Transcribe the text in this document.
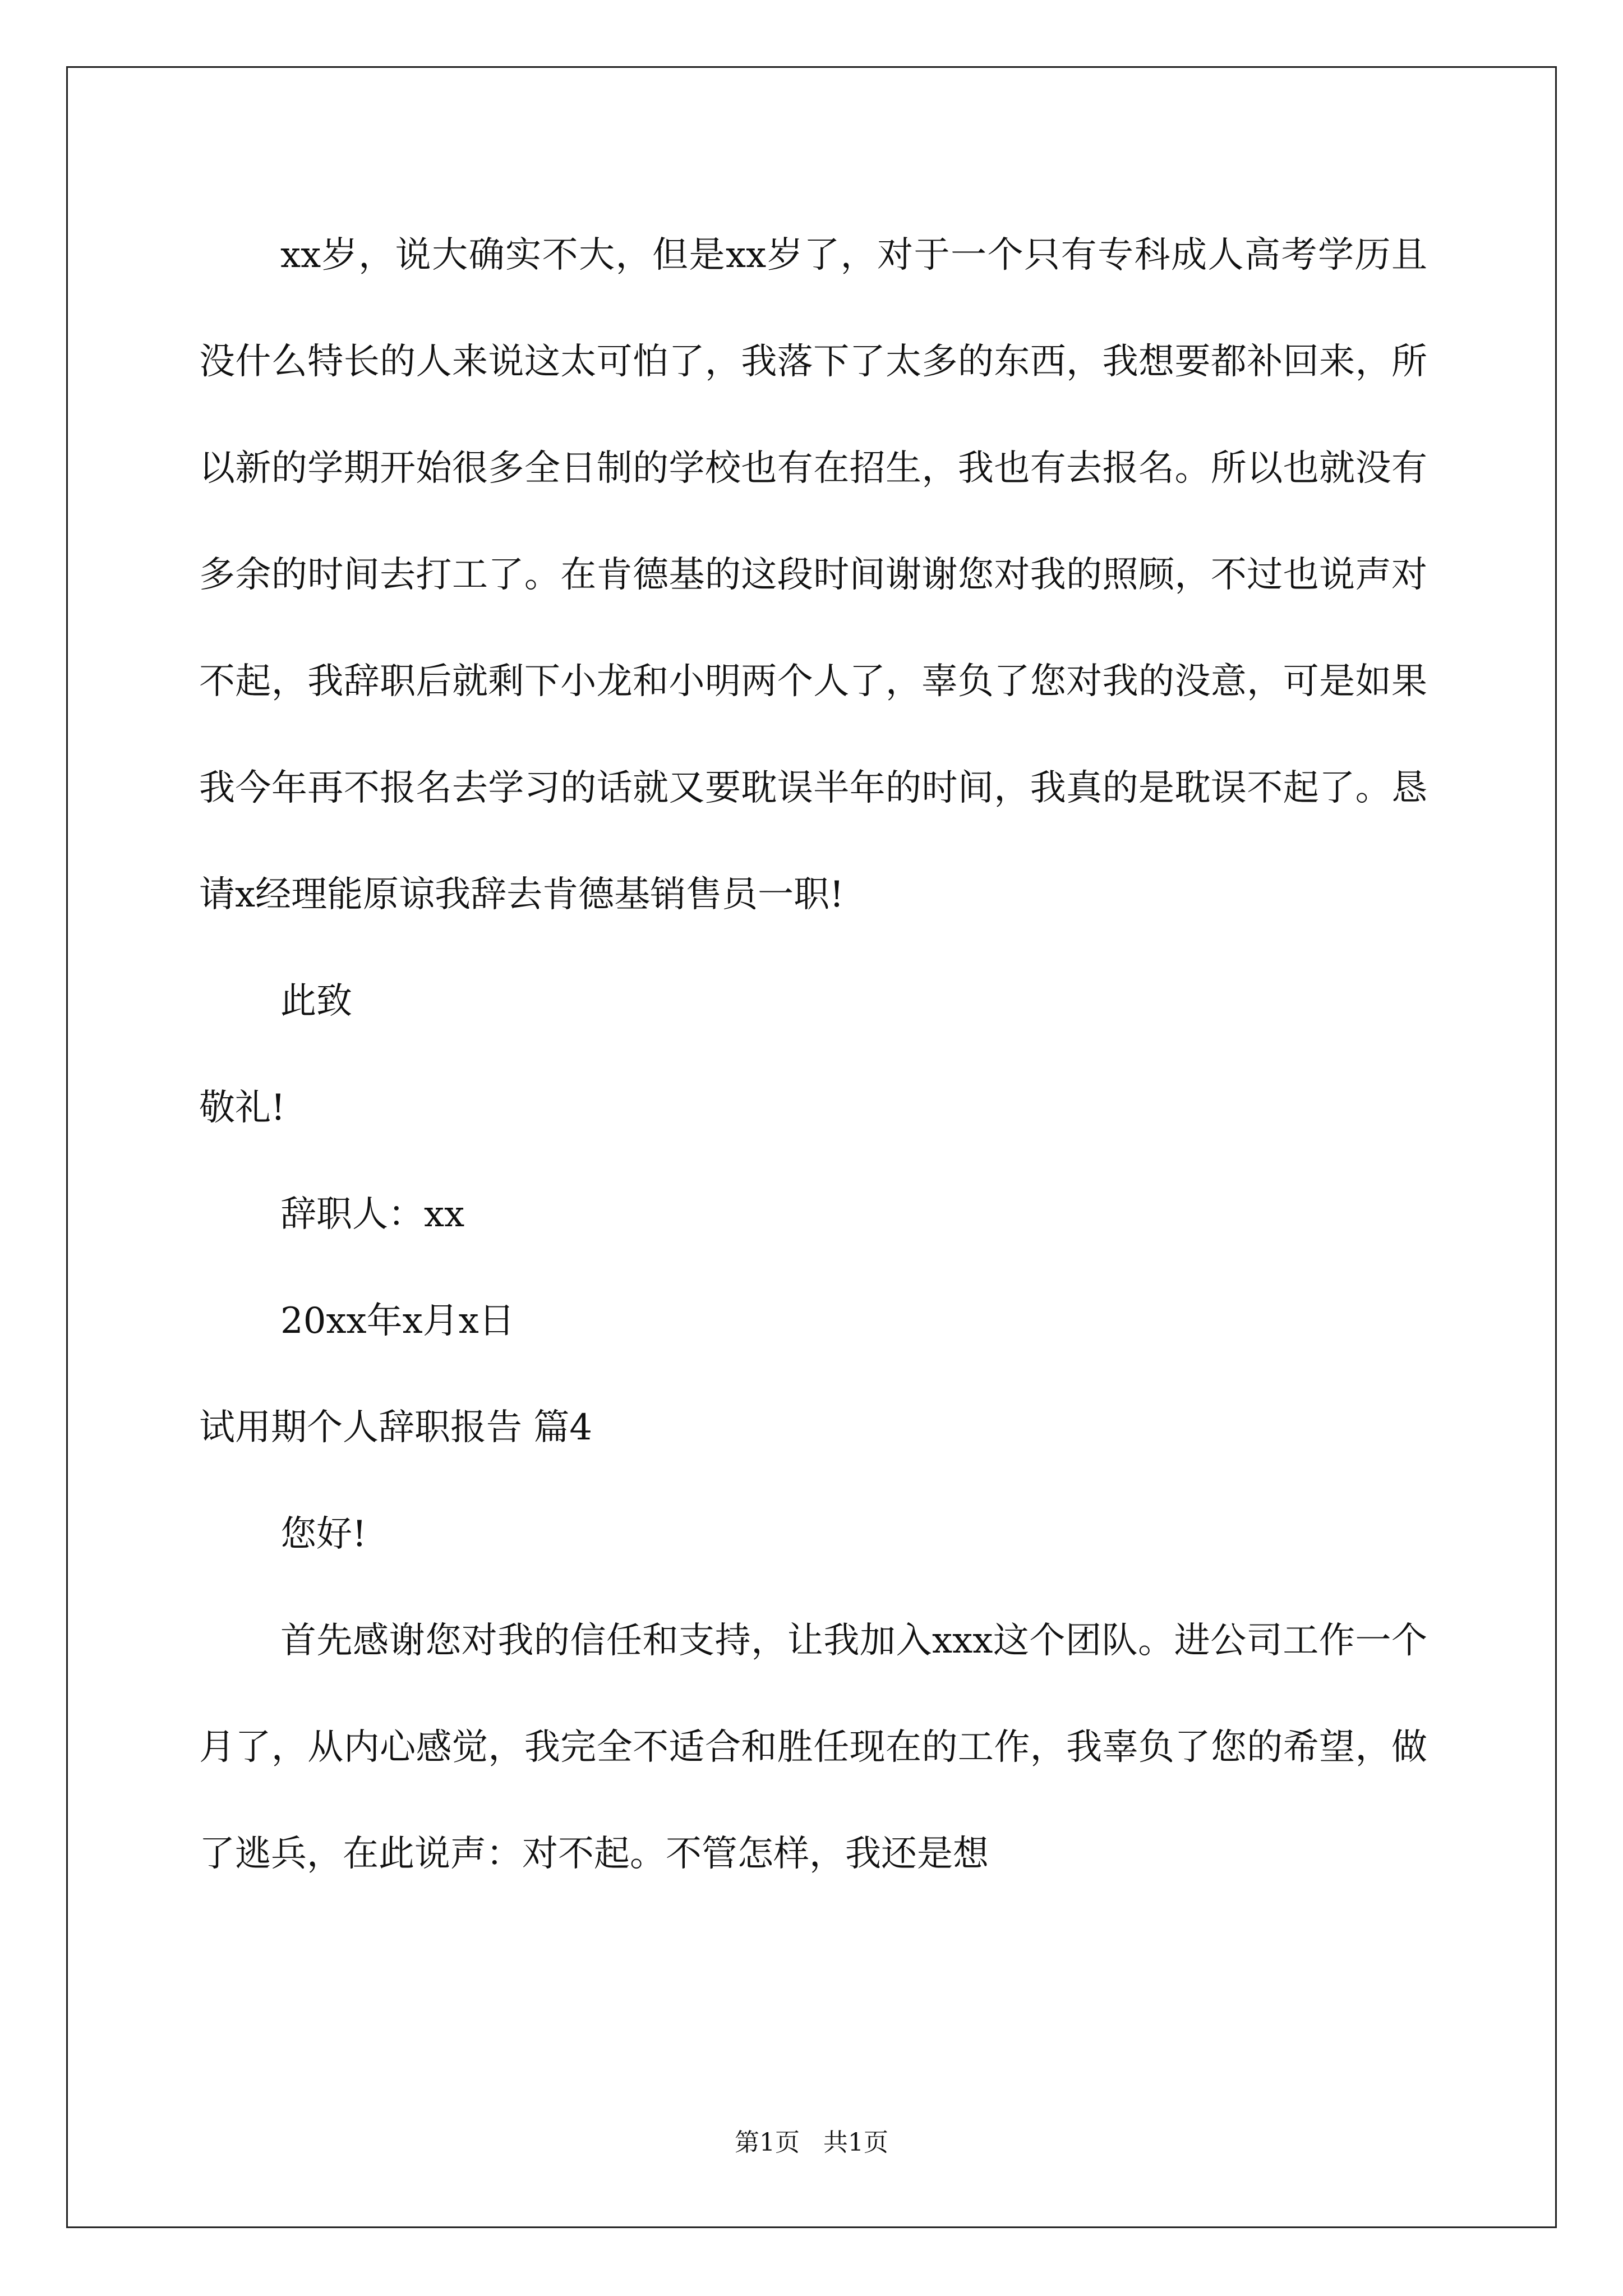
xx岁，说大确实不大，但是xx岁了，对于一个只有专科成人高考学历且没什么特长的人来说这太可怕了，我落下了太多的东西，我想要都补回来，所以新的学期开始很多全日制的学校也有在招生，我也有去报名。所以也就没有多余的时间去打工了。在肯德基的这段时间谢谢您对我的照顾，不过也说声对不起，我辞职后就剩下小龙和小明两个人了，辜负了您对我的没意，可是如果我今年再不报名去学习的话就又要耽误半年的时间，我真的是耽误不起了。恳请x经理能原谅我辞去肯德基销售员一职!

此致

敬礼!

辞职人：xx

20xx年x月x日

试用期个人辞职报告 篇4

您好!

首先感谢您对我的信任和支持，让我加入xxx这个团队。进公司工作一个月了，从内心感觉，我完全不适合和胜任现在的工作，我辜负了您的希望，做了逃兵，在此说声：对不起。不管怎样，我还是想

第1页   共1页
